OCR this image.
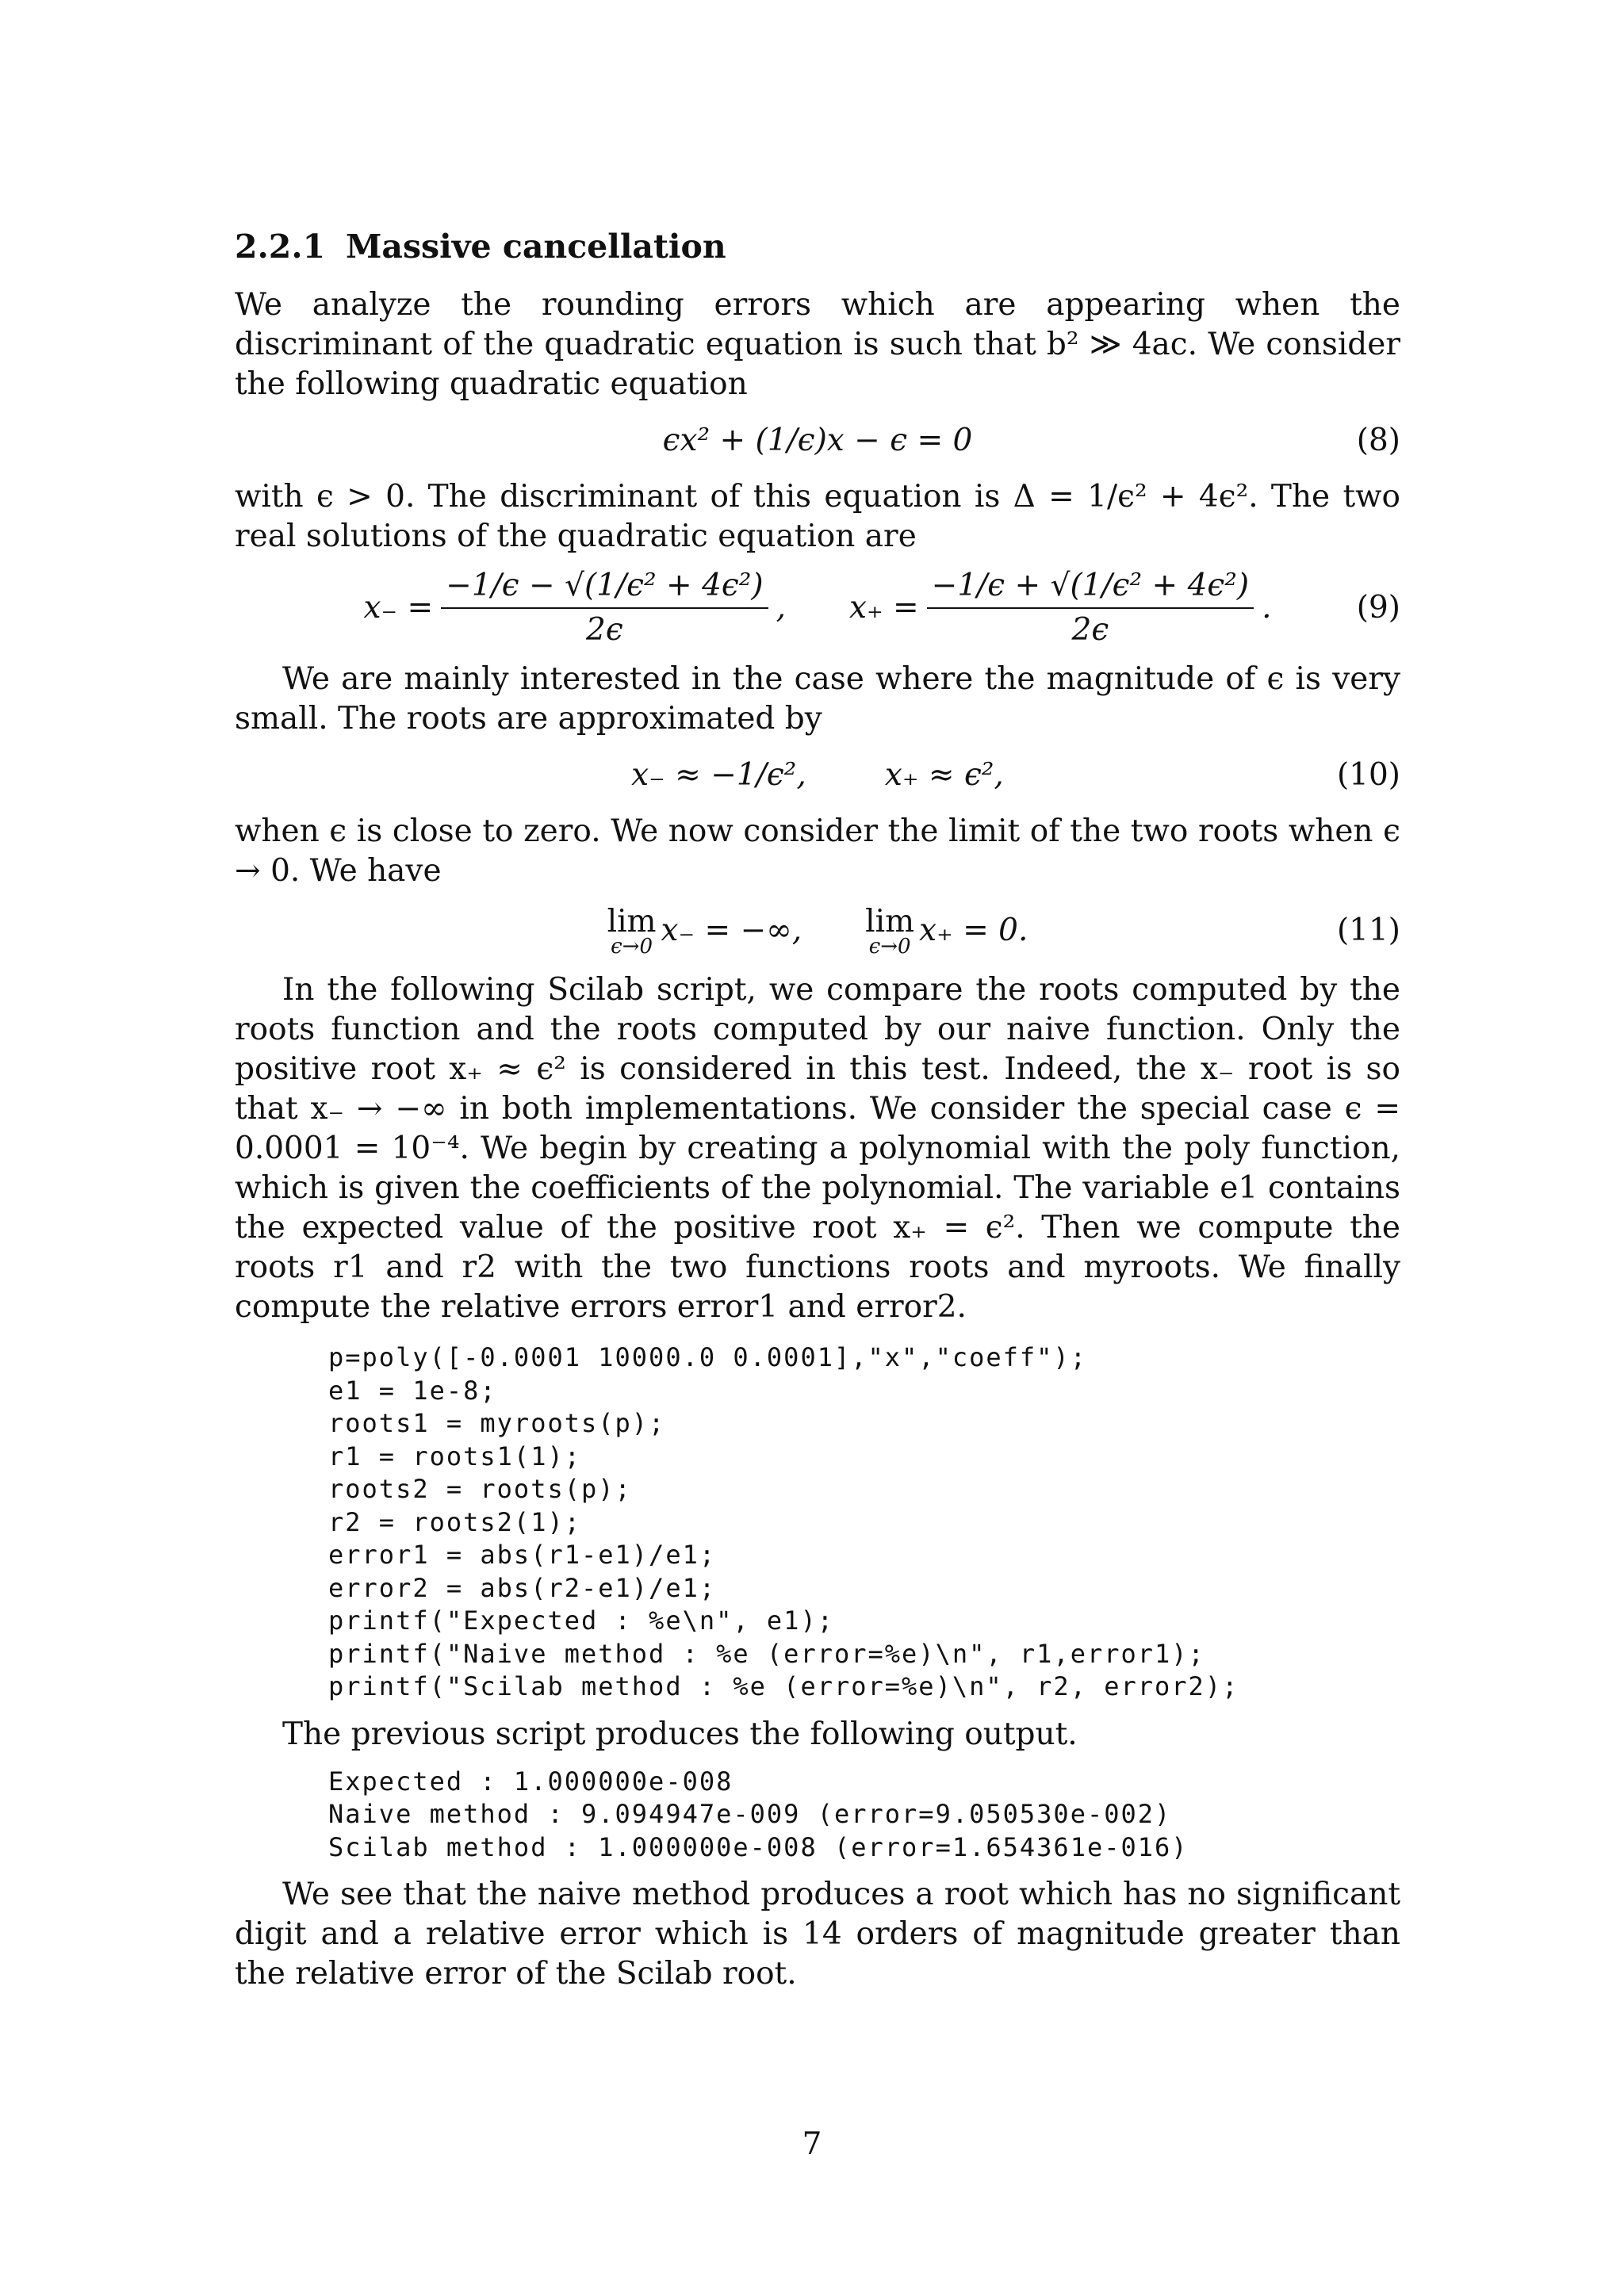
2.2.1 Massive cancellation

We analyze the rounding errors which are appearing when the discriminant of the quadratic equation is such that b² ≫ 4ac. We consider the following quadratic equation

ϵx² + (1/ϵ)x − ϵ = 0	(8)

with ϵ > 0. The discriminant of this equation is Δ = 1/ϵ² + 4ϵ². The two real solutions of the quadratic equation are

$x_- = \frac{\text{−1/ϵ − √(1/ϵ² + 4ϵ²)}}{2\epsilon}$ , $x_+ = \frac{\text{−1/ϵ + √(1/ϵ² + 4ϵ²)}}{2\epsilon}$ .	(9)

We are mainly interested in the case where the magnitude of ϵ is very small. The roots are approximated by

x₋ ≈ −1/ϵ²,        x₊ ≈ ϵ²,	(10)

when ϵ is close to zero. We now consider the limit of the two roots when ϵ → 0. We have

lim
ϵ→0 x₋ = −∞, lim
ϵ→0 x₊ = 0.	(11)

In the following Scilab script, we compare the roots computed by the roots function and the roots computed by our naive function. Only the positive root x₊ ≈ ϵ² is considered in this test. Indeed, the x₋ root is so that x₋ → −∞ in both implementations. We consider the special case ϵ = 0.0001 = 10⁻⁴. We begin by creating a polynomial with the poly function, which is given the coefficients of the polynomial. The variable e1 contains the expected value of the positive root x₊ = ϵ². Then we compute the roots r1 and r2 with the two functions roots and myroots. We finally compute the relative errors error1 and error2.

p=poly([-0.0001 10000.0 0.0001],"x","coeff");
e1 = 1e-8;
roots1 = myroots(p);
r1 = roots1(1);
roots2 = roots(p);
r2 = roots2(1);
error1 = abs(r1-e1)/e1;
error2 = abs(r2-e1)/e1;
printf("Expected : %e\n", e1);
printf("Naive method : %e (error=%e)\n", r1,error1);
printf("Scilab method : %e (error=%e)\n", r2, error2);

The previous script produces the following output.

Expected : 1.000000e-008
Naive method : 9.094947e-009 (error=9.050530e-002)
Scilab method : 1.000000e-008 (error=1.654361e-016)

We see that the naive method produces a root which has no significant digit and a relative error which is 14 orders of magnitude greater than the relative error of the Scilab root.

7
